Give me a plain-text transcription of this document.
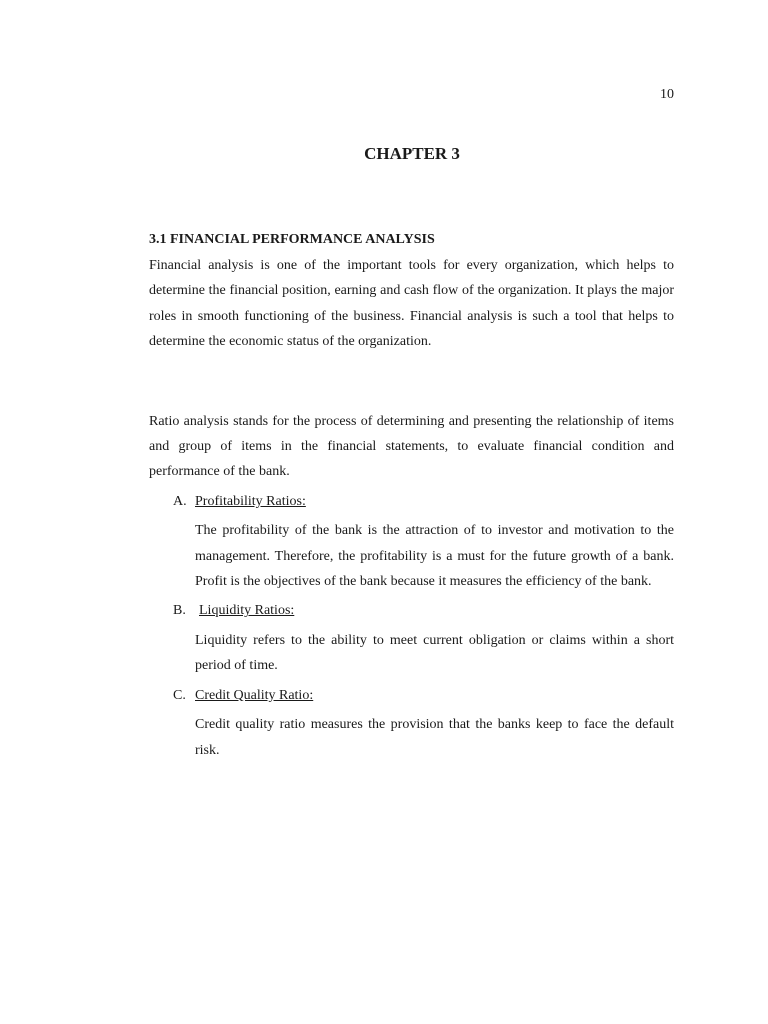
10
CHAPTER 3
3.1 FINANCIAL PERFORMANCE ANALYSIS

Financial analysis is one of the important tools for every organization, which helps to determine the financial position, earning and cash flow of the organization. It plays the major roles in smooth functioning of the business. Financial analysis is such a tool that helps to determine the economic status of the organization.

Ratio analysis stands for the process of determining and presenting the relationship of items and group of items in the financial statements, to evaluate financial condition and performance of the bank.

A. Profitability Ratios:

The profitability of the bank is the attraction of to investor and motivation to the management. Therefore, the profitability is a must for the future growth of a bank. Profit is the objectives of the bank because it measures the efficiency of the bank.

B. Liquidity Ratios:

Liquidity refers to the ability to meet current obligation or claims within a short period of time.

C. Credit Quality Ratio:

Credit quality ratio measures the provision that the banks keep to face the default risk.
